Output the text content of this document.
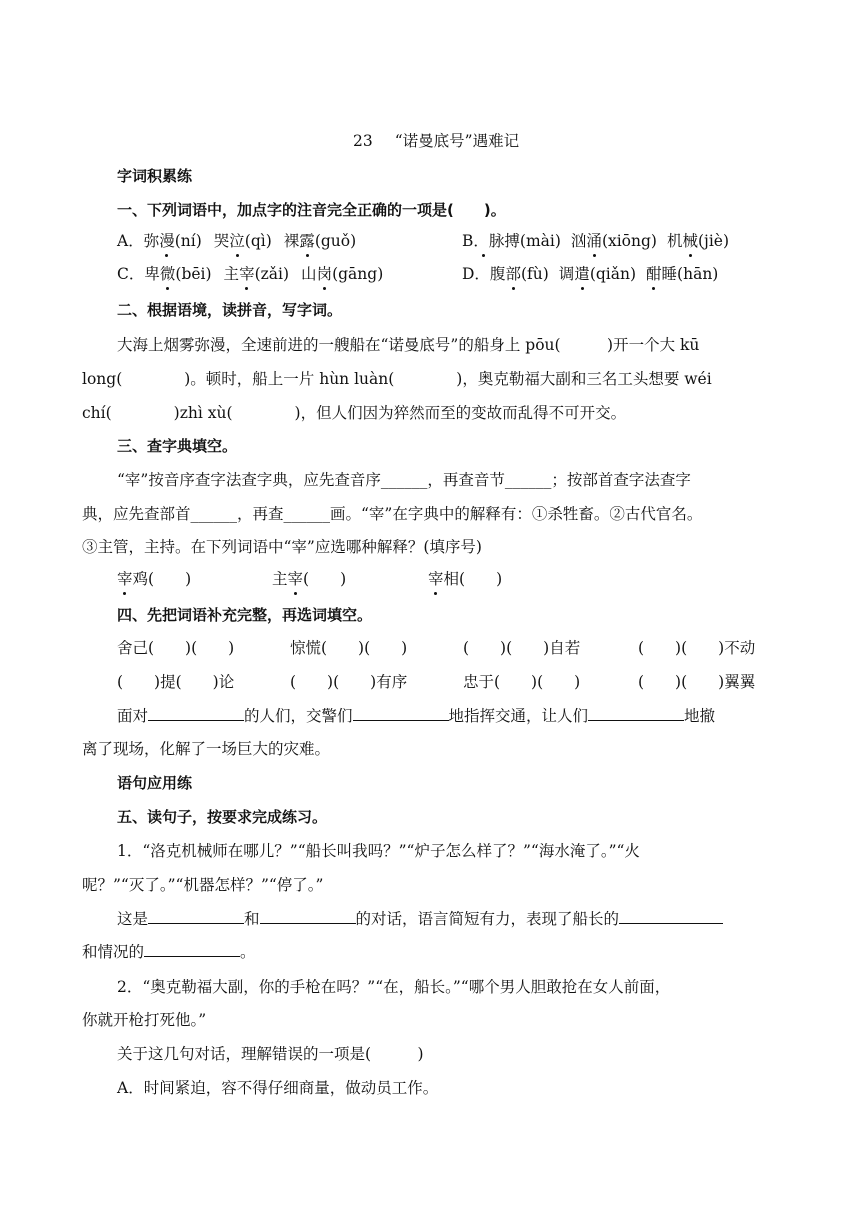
23 “诺曼底号”遇难记
字词积累练
一、下列词语中，加点字的注音完全正确的一项是(　　)。
A．弥漫(ní) 哭泣(qì) 裸露(guǒ)	B．脉搏(mài) 汹涌(xiōng) 机械(jiè)
C．卑微(bēi) 主宰(zǎi) 山岗(gāng)	D．腹部(fù) 调遣(qiǎn) 酣睡(hān)
二、根据语境，读拼音，写字词。
大海上烟雾弥漫，全速前进的一艘船在“诺曼底号”的船身上 pōu(　　　)开一个大 kū
long(　　　　)。顿时，船上一片 hùn luàn(　　　　)，奥克勒福大副和三名工头想要 wéi
chí(　　　　)zhì xù(　　　　)，但人们因为猝然而至的变故而乱得不可开交。
三、查字典填空。
“宰”按音序查字法查字典，应先查音序______，再查音节______；按部首查字法查字
典，应先查部首______，再查______画。“宰”在字典中的解释有：①杀牲畜。②古代官名。
③主管，主持。在下列词语中“宰”应选哪种解释？(填序号)
宰鸡(　　)	主宰(　　)	宰相(　　)
四、先把词语补充完整，再选词填空。
舍己(　　)(　　)	惊慌(　　)(　　)	(　　)(　　)自若	(　　)(　　)不动
(　　)提(　　)论	(　　)(　　)有序	忠于(　　)(　　)	(　　)(　　)翼翼
面对	的人们，交警们	地指挥交通，让人们	地撤
离了现场，化解了一场巨大的灾难。
语句应用练
五、读句子，按要求完成练习。
1．“洛克机械师在哪儿？”“船长叫我吗？”“炉子怎么样了？”“海水淹了。”“火
呢？”“灭了。”“机器怎样？”“停了。”
这是	和	的对话，语言简短有力，表现了船长的
和情况的	。
2．“奥克勒福大副，你的手枪在吗？”“在，船长。”“哪个男人胆敢抢在女人前面，
你就开枪打死他。”
关于这几句对话，理解错误的一项是(　　　)
A．时间紧迫，容不得仔细商量，做动员工作。
